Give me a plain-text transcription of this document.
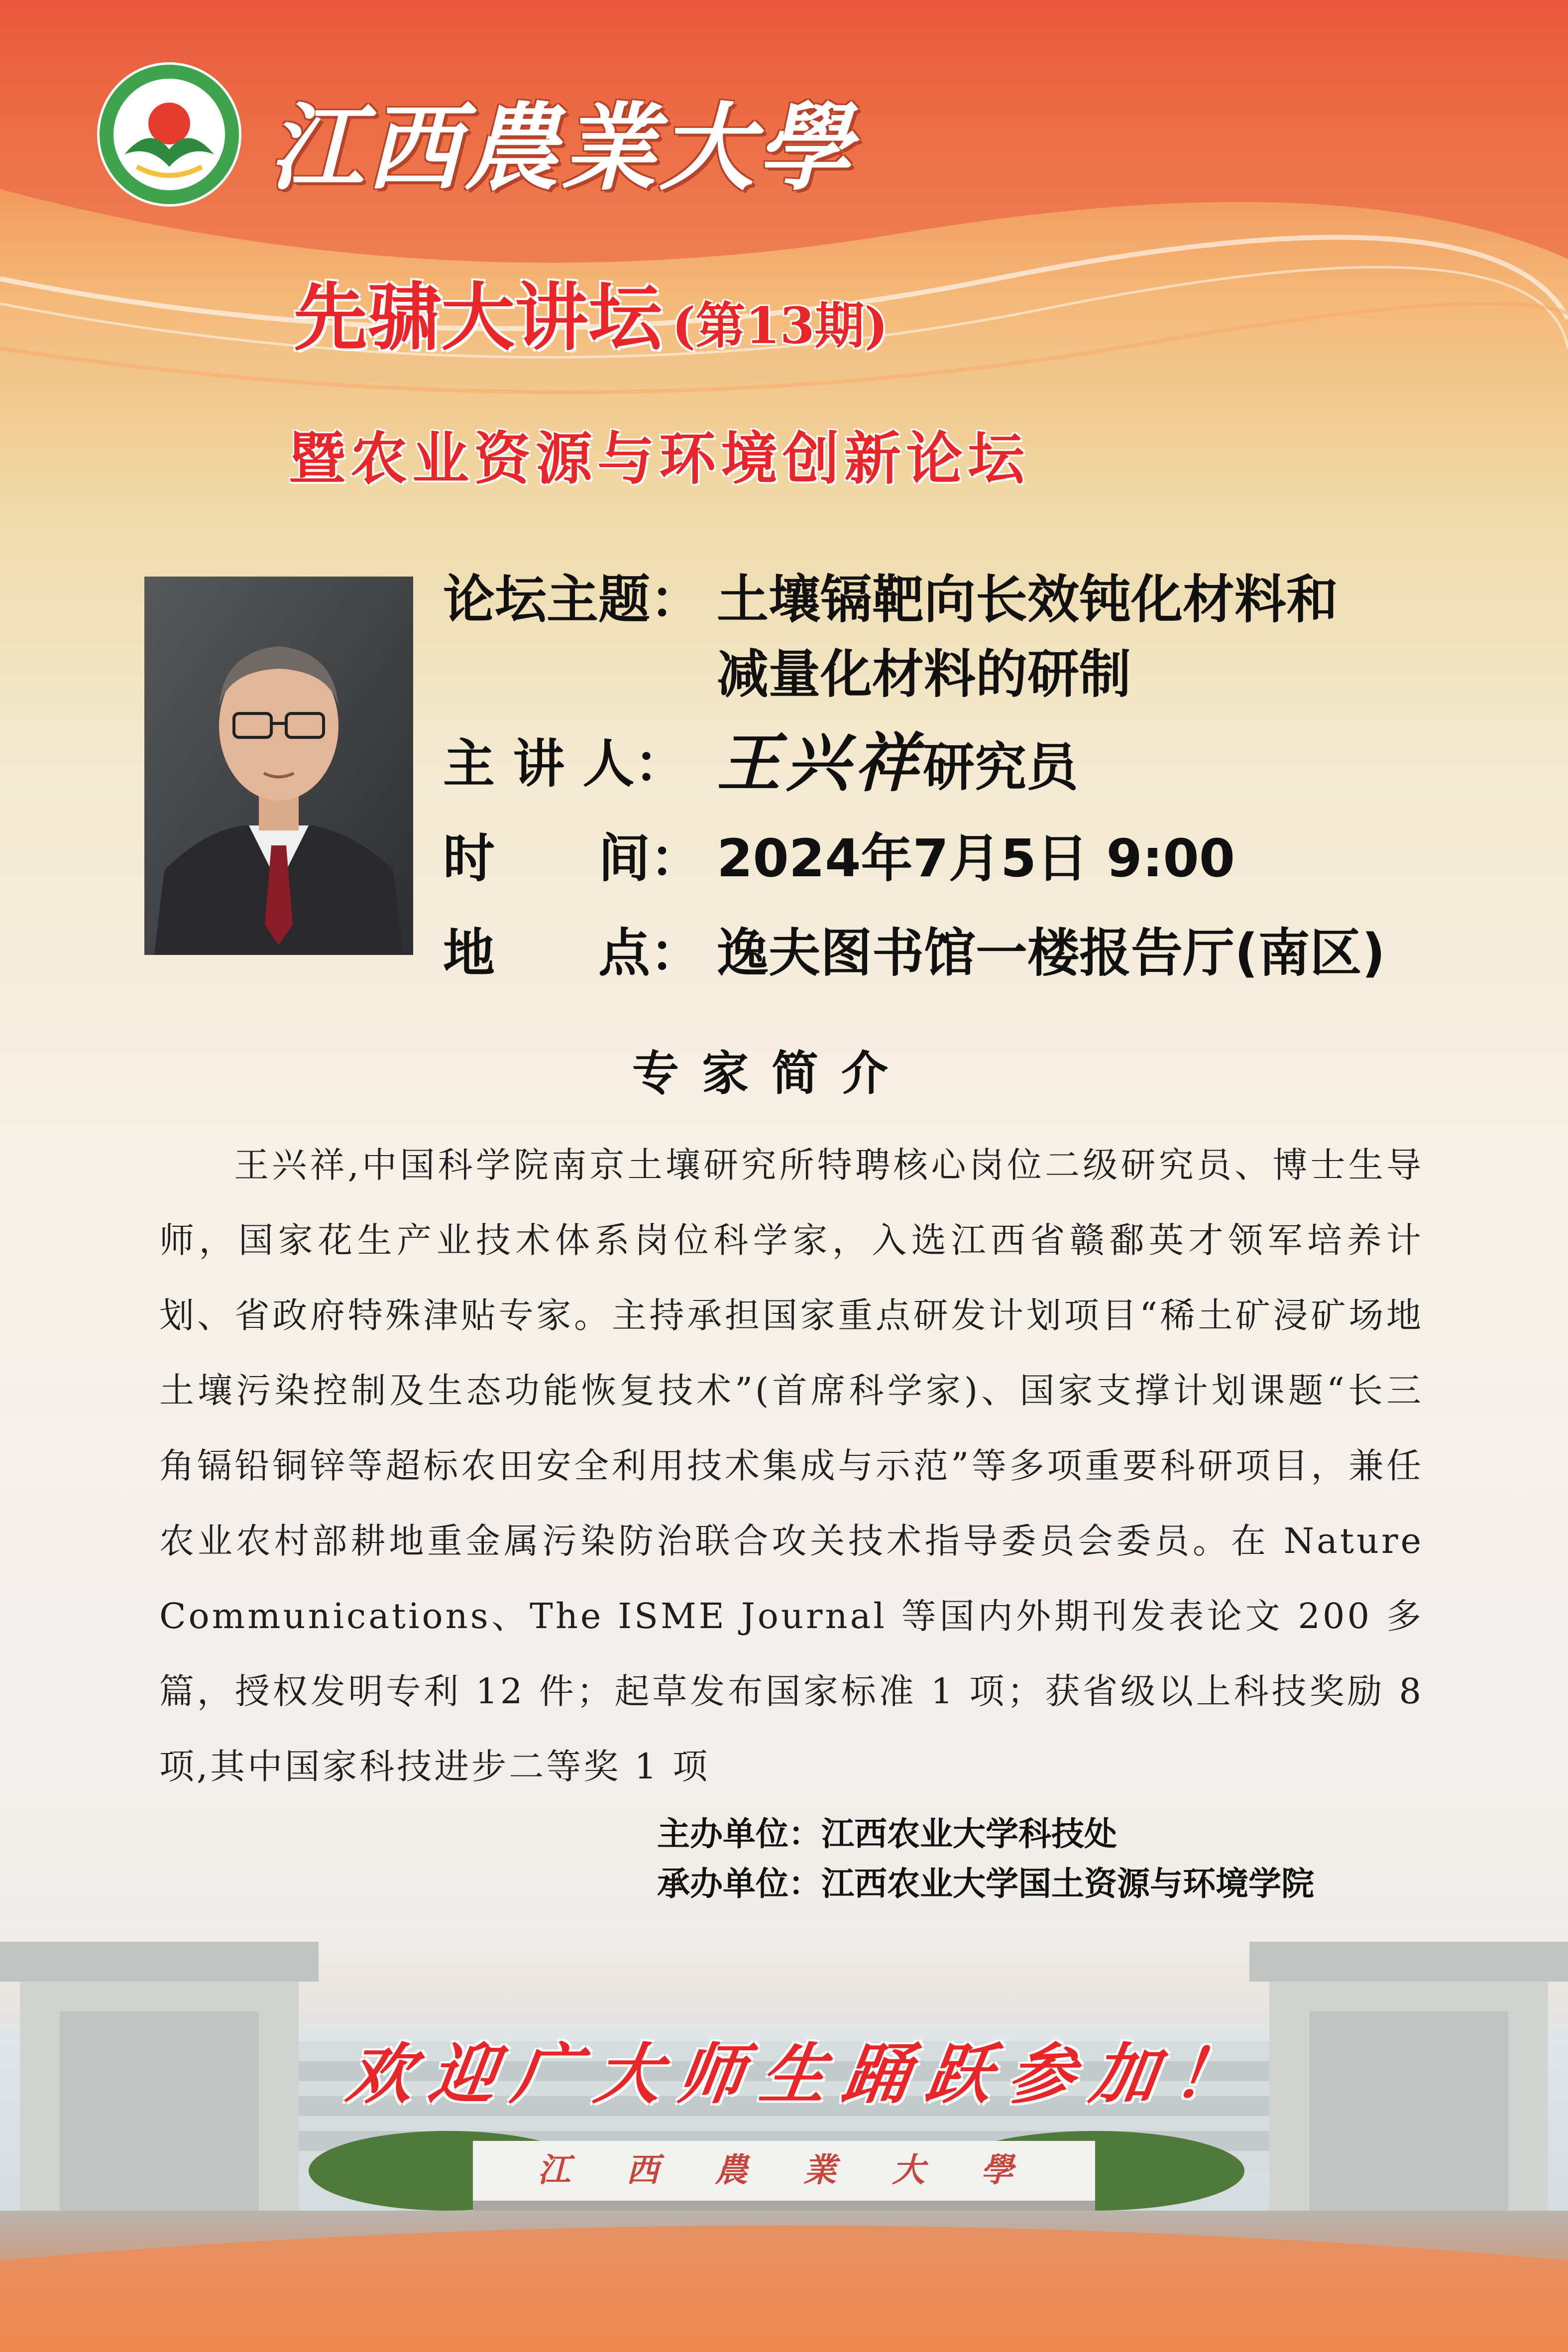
江西農業大學
先骕大讲坛 (第13期)
暨农业资源与环境创新论坛
论坛主题： 土壤镉靶向长效钝化材料和
减量化材料的研制
主 讲 人： 王兴祥研究员
时　　间： 2024年7月5日 9:00
地　　点： 逸夫图书馆一楼报告厅(南区)
专家简介
王兴祥,中国科学院南京土壤研究所特聘核心岗位二级研究员、博士生导师，国家花生产业技术体系岗位科学家，入选江西省赣鄱英才领军培养计划、省政府特殊津贴专家。主持承担国家重点研发计划项目“稀土矿浸矿场地土壤污染控制及生态功能恢复技术”(首席科学家)、国家支撑计划课题“长三角镉铅铜锌等超标农田安全利用技术集成与示范”等多项重要科研项目，兼任农业农村部耕地重金属污染防治联合攻关技术指导委员会委员。在 Nature Communications、The ISME Journal 等国内外期刊发表论文 200 多篇，授权发明专利 12 件；起草发布国家标准 1 项；获省级以上科技奖励 8 项,其中国家科技进步二等奖 1 项
主办单位：江西农业大学科技处
承办单位：江西农业大学国土资源与环境学院
欢迎广大师生踊跃参加！
江西農業大學
